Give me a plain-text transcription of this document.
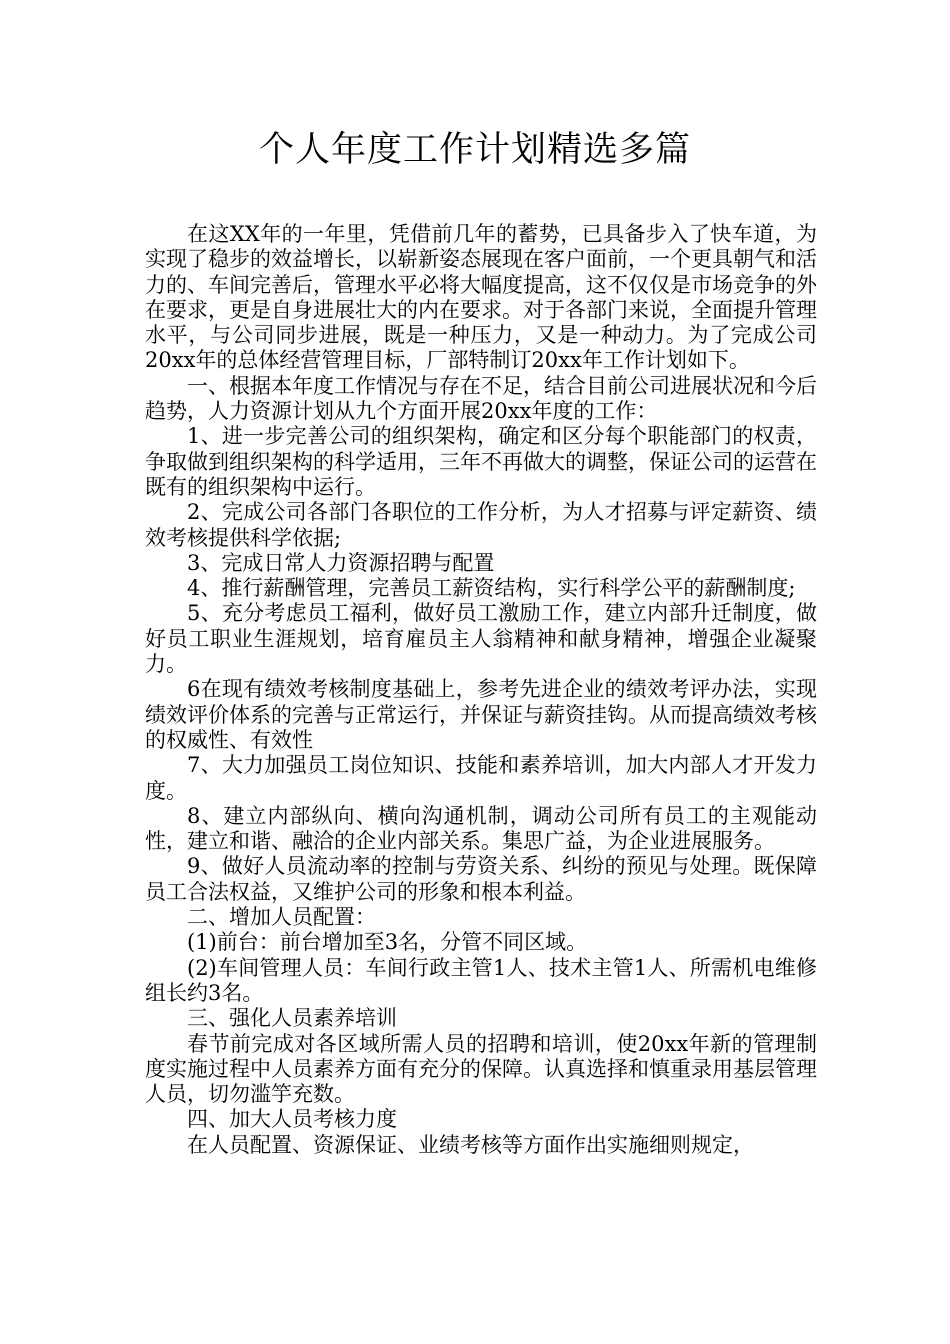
个人年度工作计划精选多篇

在这XX年的一年里，凭借前几年的蓄势，已具备步入了快车道，为实现了稳步的效益增长，以崭新姿态展现在客户面前，一个更具朝气和活力的、车间完善后，管理水平必将大幅度提高，这不仅仅是市场竞争的外在要求，更是自身进展壮大的内在要求。对于各部门来说，全面提升管理水平，与公司同步进展，既是一种压力，又是一种动力。为了完成公司20xx年的总体经营管理目标，厂部特制订20xx年工作计划如下。

一、根据本年度工作情况与存在不足，结合目前公司进展状况和今后趋势，人力资源计划从九个方面开展20xx年度的工作：

1、进一步完善公司的组织架构，确定和区分每个职能部门的权责，争取做到组织架构的科学适用，三年不再做大的调整，保证公司的运营在既有的组织架构中运行。

2、完成公司各部门各职位的工作分析，为人才招募与评定薪资、绩效考核提供科学依据;

3、完成日常人力资源招聘与配置

4、推行薪酬管理，完善员工薪资结构，实行科学公平的薪酬制度;

5、充分考虑员工福利，做好员工激励工作，建立内部升迁制度，做好员工职业生涯规划，培育雇员主人翁精神和献身精神，增强企业凝聚力。

6在现有绩效考核制度基础上，参考先进企业的绩效考评办法，实现绩效评价体系的完善与正常运行，并保证与薪资挂钩。从而提高绩效考核的权威性、有效性

7、大力加强员工岗位知识、技能和素养培训，加大内部人才开发力度。

8、建立内部纵向、横向沟通机制，调动公司所有员工的主观能动性，建立和谐、融洽的企业内部关系。集思广益，为企业进展服务。

9、做好人员流动率的控制与劳资关系、纠纷的预见与处理。既保障员工合法权益，又维护公司的形象和根本利益。

二、增加人员配置：

(1)前台：前台增加至3名，分管不同区域。

(2)车间管理人员：车间行政主管1人、技术主管1人、所需机电维修组长约3名。

三、强化人员素养培训

春节前完成对各区域所需人员的招聘和培训，使20xx年新的管理制度实施过程中人员素养方面有充分的保障。认真选择和慎重录用基层管理人员，切勿滥竽充数。

四、加大人员考核力度

在人员配置、资源保证、业绩考核等方面作出实施细则规定，
